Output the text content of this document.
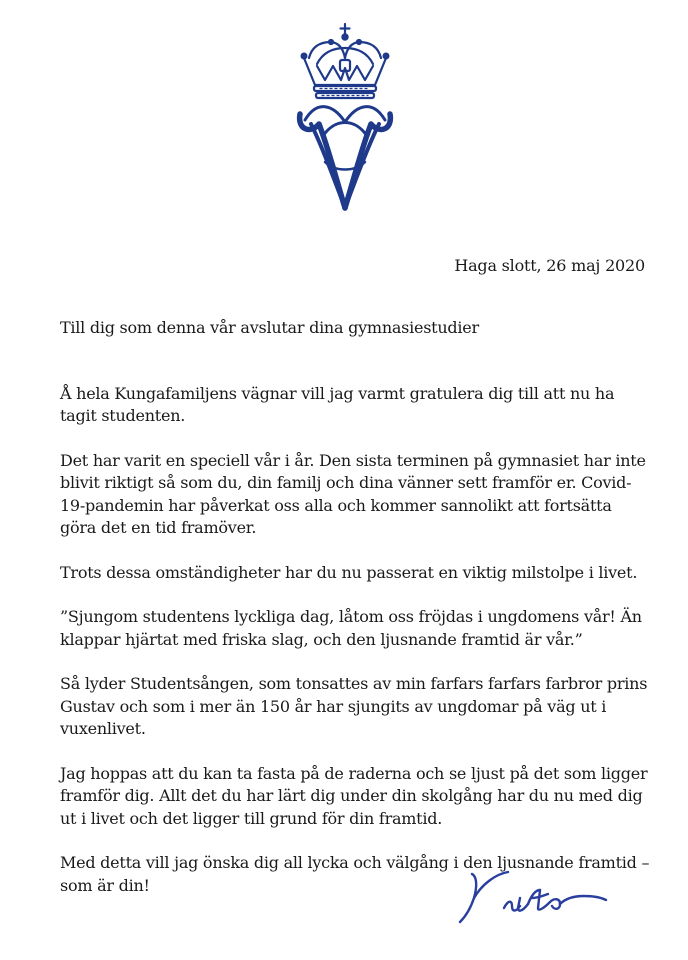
Haga slott, 26 maj 2020

Till dig som denna vår avslutar dina gymnasiestudier

Å hela Kungafamiljens vägnar vill jag varmt gratulera dig till att nu ha tagit studenten.

Det har varit en speciell vår i år. Den sista terminen på gymnasiet har inte blivit riktigt så som du, din familj och dina vänner sett framför er. Covid-19-pandemin har påverkat oss alla och kommer sannolikt att fortsätta göra det en tid framöver.

Trots dessa omständigheter har du nu passerat en viktig milstolpe i livet.

”Sjungom studentens lyckliga dag, låtom oss fröjdas i ungdomens vår! Än klappar hjärtat med friska slag, och den ljusnande framtid är vår.”

Så lyder Studentsången, som tonsattes av min farfars farfars farbror prins Gustav och som i mer än 150 år har sjungits av ungdomar på väg ut i vuxenlivet.

Jag hoppas att du kan ta fasta på de raderna och se ljust på det som ligger framför dig. Allt det du har lärt dig under din skolgång har du nu med dig ut i livet och det ligger till grund för din framtid.

Med detta vill jag önska dig all lycka och välgång i den ljusnande framtid – som är din!
